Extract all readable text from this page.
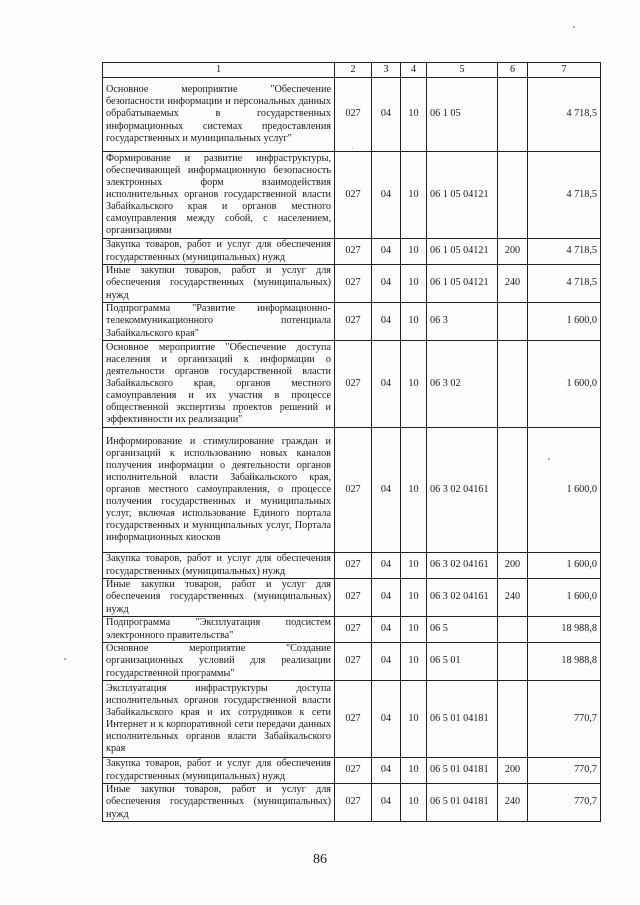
1	2	3	4	5	6	7
Основное мероприятие "Обеспечение безопасности информации и персональных данных обрабатываемых в государственных информационных системах предоставления государственных и муниципальных услуг"	027	04	10	06 1 05		4 718,5
Формирование и развитие инфраструктуры, обеспечивающей информационную безопасность электронных форм взаимодействия исполнительных органов государственной власти Забайкальского края и органов местного самоуправления между собой, с населением, организациями	027	04	10	06 1 05 04121		4 718,5
Закупка товаров, работ и услуг для обеспечения государственных (муниципальных) нужд	027	04	10	06 1 05 04121	200	4 718,5
Иные закупки товаров, работ и услуг для обеспечения государственных (муниципальных) нужд	027	04	10	06 1 05 04121	240	4 718,5
Подпрограмма "Развитие информационно-телекоммуникационного потенциала Забайкальского края"	027	04	10	06 3		1 600,0
Основное мероприятие "Обеспечение доступа населения и организаций к информации о деятельности органов государственной власти Забайкальского края, органов местного самоуправления и их участия в процессе общественной экспертизы проектов решений и эффективности их реализации"	027	04	10	06 3 02		1 600,0
Информирование и стимулирование граждан и организаций к использованию новых каналов получения информации о деятельности органов исполнительной власти Забайкальского края, органов местного самоуправления, о процессе получения государственных и муниципальных услуг, включая использование Единого портала государственных и муниципальных услуг, Портала информационных киосков	027	04	10	06 3 02 04161		1 600,0
Закупка товаров, работ и услуг для обеспечения государственных (муниципальных) нужд	027	04	10	06 3 02 04161	200	1 600,0
Иные закупки товаров, работ и услуг для обеспечения государственных (муниципальных) нужд	027	04	10	06 3 02 04161	240	1 600,0
Подпрограмма "Эксплуатация подсистем электронного правительства"	027	04	10	06 5		18 988,8
Основное мероприятие "Создание организационных условий для реализации государственной программы"	027	04	10	06 5 01		18 988,8
Эксплуатация инфраструктуры доступа исполнительных органов государственной власти Забайкальского края и их сотрудников к сети Интернет и к корпоративной сети передачи данных исполнительных органов власти Забайкальского края	027	04	10	06 5 01 04181		770,7
Закупка товаров, работ и услуг для обеспечения государственных (муниципальных) нужд	027	04	10	06 5 01 04181	200	770,7
Иные закупки товаров, работ и услуг для обеспечения государственных (муниципальных) нужд	027	04	10	06 5 01 04181	240	770,7
86
